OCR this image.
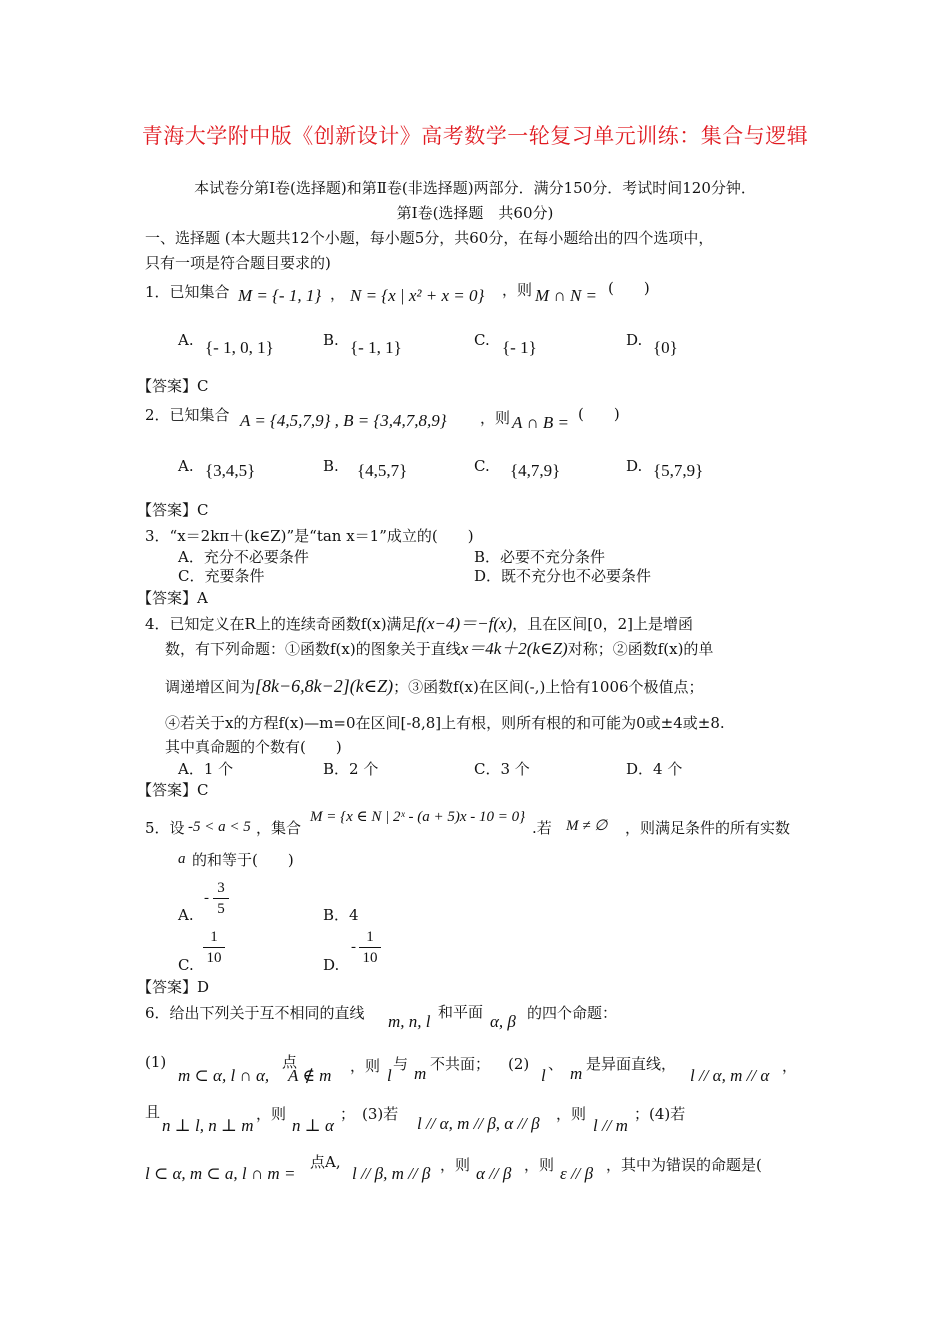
青海大学附中版《创新设计》高考数学一轮复习单元训练：集合与逻辑
本试卷分第Ⅰ卷(选择题)和第Ⅱ卷(非选择题)两部分．满分150分．考试时间120分钟．
第Ⅰ卷(选择题　共60分)
一、选择题 (本大题共12个小题，每小题5分，共60分，在每小题给出的四个选项中，
只有一项是符合题目要求的)
1．已知集合 M = {- 1, 1} ， N = {x | x² + x = 0} ，则 M ∩ N = (　　)
A. {- 1, 0, 1}	B. {- 1, 1}	C. {- 1}	D. {0}
【答案】C
2．已知集合 A = {4,5,7,9} , B = {3,4,7,8,9} ，则 A ∩ B = (　　)
A. {3,4,5}	B. {4,5,7}	C. {4,7,9}	D. {5,7,9}
【答案】C
3．“x＝2kπ＋(k∈Z)”是“tan x＝1”成立的(　　)
A．充分不必要条件	B．必要不充分条件
C．充要条件	D．既不充分也不必要条件
【答案】A
4．已知定义在R上的连续奇函数f(x)满足f(x−4)＝−f(x)，且在区间[0，2]上是增函
数，有下列命题：①函数f(x)的图象关于直线x＝4k＋2(k∈Z)对称；②函数f(x)的单
调递增区间为[8k−6,8k−2](k∈Z)；③函数f(x)在区间(-,)上恰有1006个极值点；
④若关于x的方程f(x)—m=0在区间[-8,8]上有根，则所有根的和可能为0或±4或±8.
其中真命题的个数有(　　)
A．1 个	B．2 个	C．3 个	D．4 个
【答案】C
5．设 -5 < a < 5 ，集合
M = {x ∈ N | 2ˣ - (a + 5)x - 10 = 0}
.若 M ≠ ∅ ，则满足条件的所有实数
a 的和等于(　　)
A.
-
3
5	B．4
C.
1
10	D.
-
1
10
【答案】D
6．给出下列关于互不相同的直线 m, n, l 和平面 α, β 的四个命题：
(1)
m ⊂ α, l ∩ α,
点
A ∉ m ，则 l
与 m 不共面； (2)
l
、 m 是异面直线，
l // α, m // α ，
且
n ⊥ l, n ⊥ m
，则
n ⊥ α
； (3)若 l // α, m // β, α // β ，则
l // m
；(4)若
l ⊂ α, m ⊂ a, l ∩ m =
点A,
l // β, m // β ，则 α // β ，则 ε // β ，其中为错误的命题是(
